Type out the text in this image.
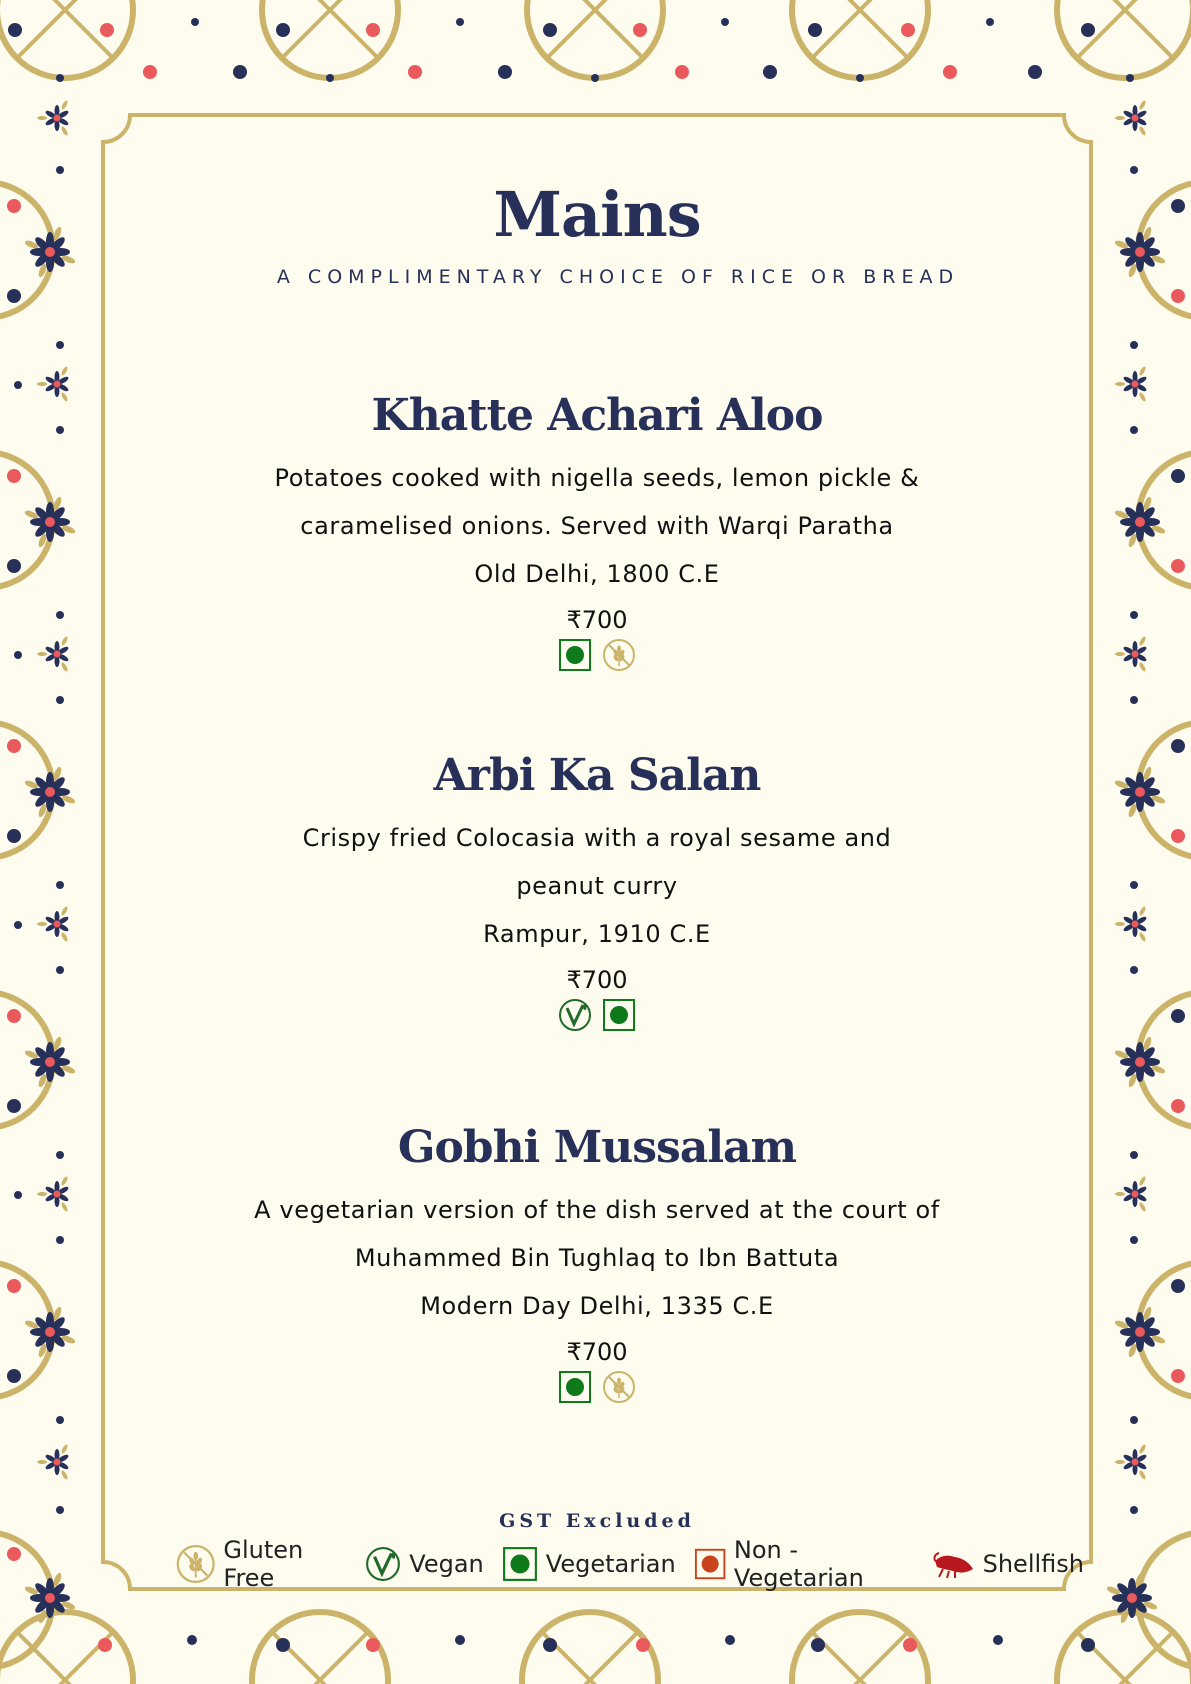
Mains
A COMPLIMENTARY CHOICE OF RICE OR BREAD
Khatte Achari Aloo
Potatoes cooked with nigella seeds, lemon pickle &
caramelised onions. Served with Warqi Paratha
Old Delhi, 1800 C.E
₹700
Arbi Ka Salan
Crispy fried Colocasia with a royal sesame and
peanut curry
Rampur, 1910 C.E
₹700
Gobhi Mussalam
A vegetarian version of the dish served at the court of
Muhammed Bin Tughlaq to Ibn Battuta
Modern Day Delhi, 1335 C.E
₹700
GST Excluded
Gluten Free	Vegan	Vegetarian Non - Vegetarian	Shellfish
